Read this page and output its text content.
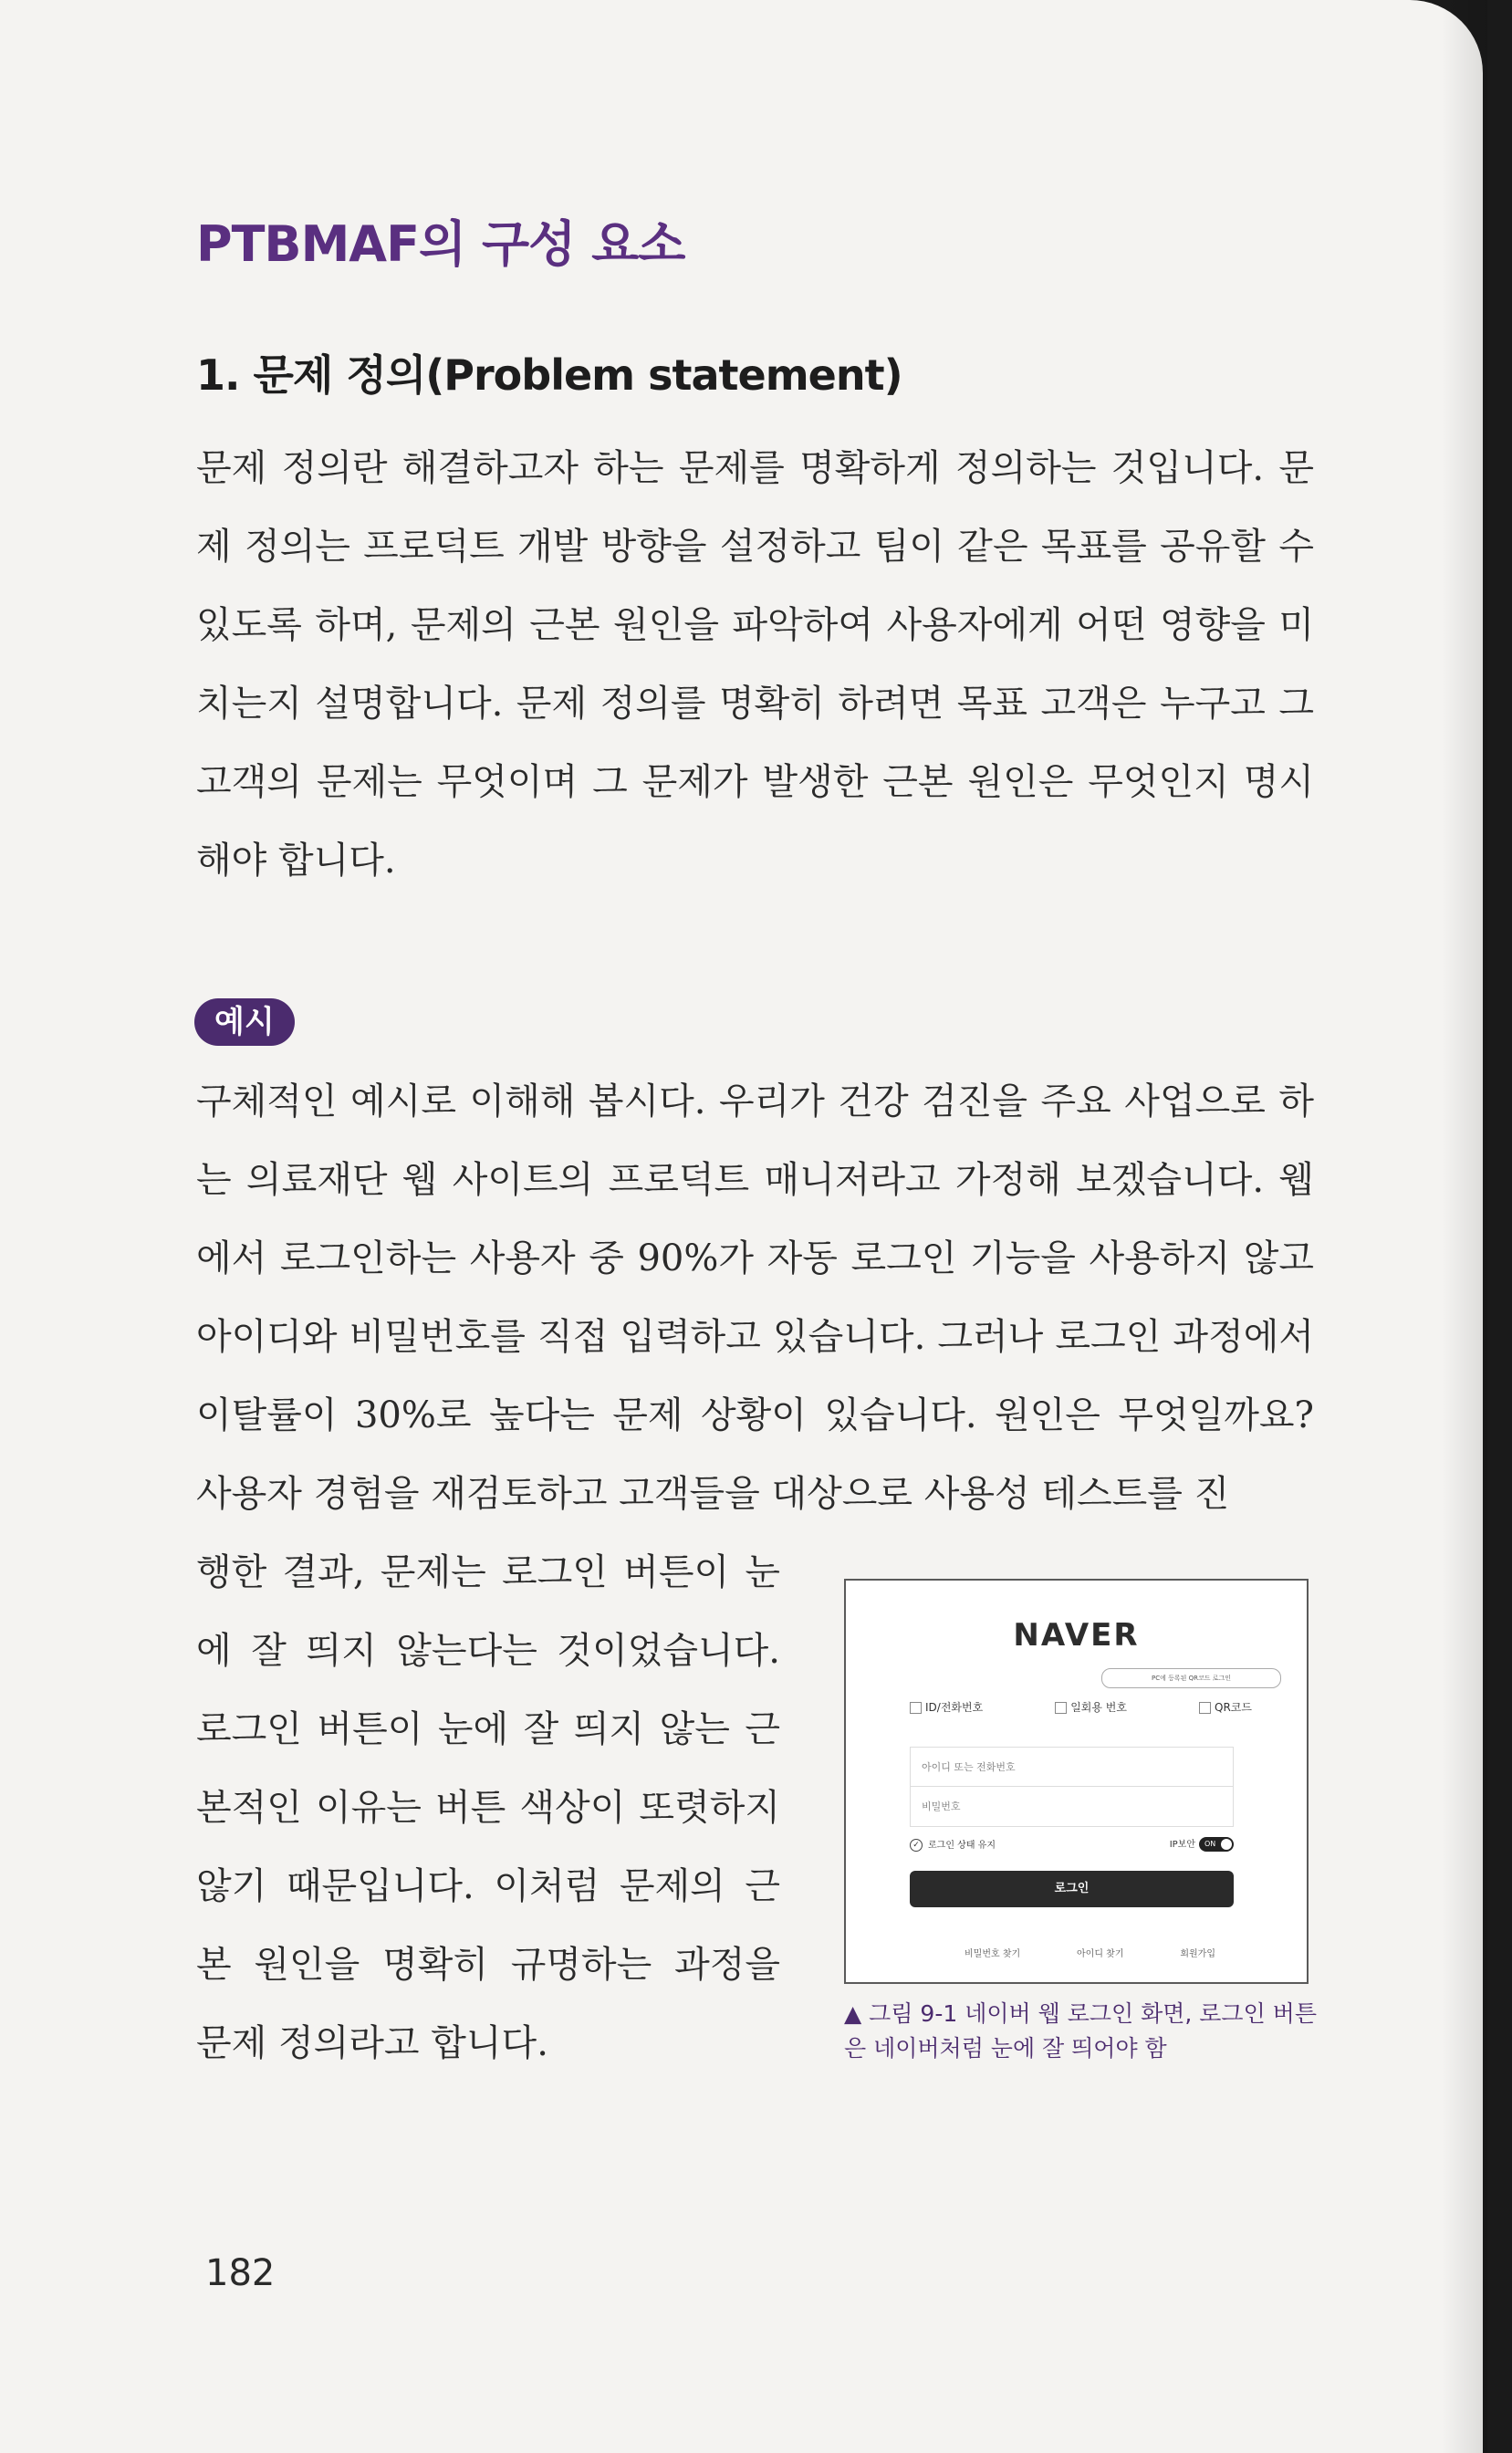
PTBMAF의 구성 요소
1. 문제 정의(Problem statement)

문제 정의란 해결하고자 하는 문제를 명확하게 정의하는 것입니다. 문제 정의는 프로덕트 개발 방향을 설정하고 팀이 같은 목표를 공유할 수 있도록 하며, 문제의 근본 원인을 파악하여 사용자에게 어떤 영향을 미치는지 설명합니다. 문제 정의를 명확히 하려면 목표 고객은 누구고 그 고객의 문제는 무엇이며 그 문제가 발생한 근본 원인은 무엇인지 명시해야 합니다.

예시

구체적인 예시로 이해해 봅시다. 우리가 건강 검진을 주요 사업으로 하는 의료재단 웹 사이트의 프로덕트 매니저라고 가정해 보겠습니다. 웹에서 로그인하는 사용자 중 90%가 자동 로그인 기능을 사용하지 않고 아이디와 비밀번호를 직접 입력하고 있습니다. 그러나 로그인 과정에서 이탈률이 30%로 높다는 문제 상황이 있습니다. 원인은 무엇일까요? 사용자 경험을 재검토하고 고객들을 대상으로 사용성 테스트를 진

행한 결과, 문제는 로그인 버튼이 눈에 잘 띄지 않는다는 것이었습니다. 로그인 버튼이 눈에 잘 띄지 않는 근본적인 이유는 버튼 색상이 또렷하지 않기 때문입니다. 이처럼 문제의 근본 원인을 명확히 규명하는 과정을 문제 정의라고 합니다.

NAVER
PC에 등록된 QR코드 로그인
ID/전화번호	일회용 번호	QR코드
아이디 또는 전화번호
비밀번호
✓ 로그인 상태 유지	IP보안 ON
로그인
비밀번호 찾기	아이디 찾기	회원가입

▲ 그림 9-1 네이버 웹 로그인 화면, 로그인 버튼은 네이버처럼 눈에 잘 띄어야 함

182
